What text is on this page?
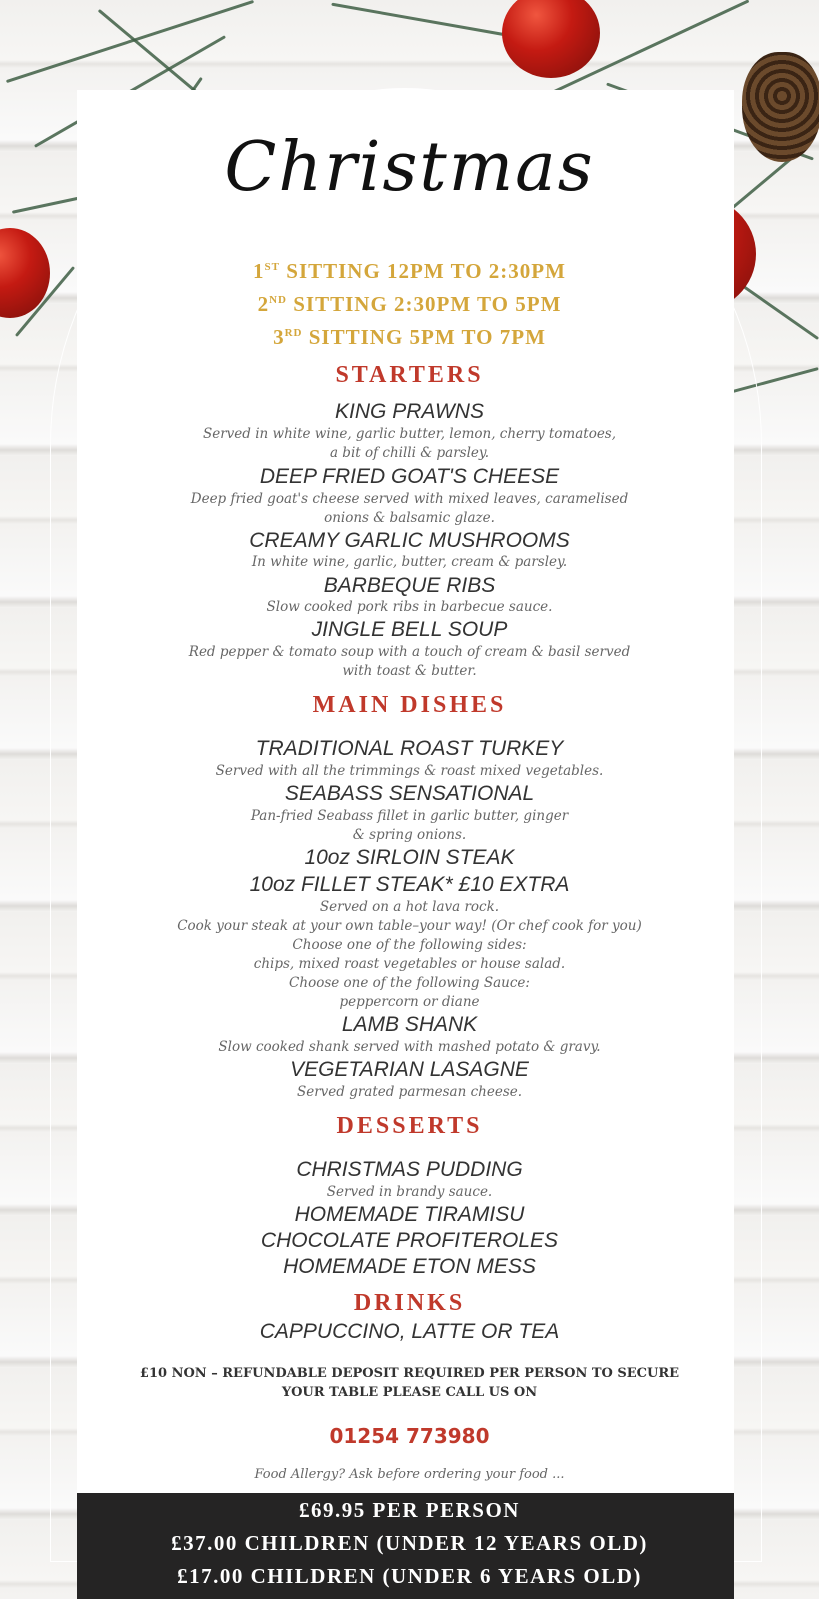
Christmas
1ST SITTING 12PM TO 2:30PM
2ND SITTING 2:30PM TO 5PM
3RD SITTING 5PM TO 7PM
STARTERS
KING PRAWNS
Served in white wine, garlic butter, lemon, cherry tomatoes,
a bit of chilli & parsley.
DEEP FRIED GOAT'S CHEESE
Deep fried goat's cheese served with mixed leaves, caramelised
onions & balsamic glaze.
CREAMY GARLIC MUSHROOMS
In white wine, garlic, butter, cream & parsley.
BARBEQUE RIBS
Slow cooked pork ribs in barbecue sauce.
JINGLE BELL SOUP
Red pepper & tomato soup with a touch of cream & basil served
with toast & butter.
MAIN DISHES
TRADITIONAL ROAST TURKEY
Served with all the trimmings & roast mixed vegetables.
SEABASS SENSATIONAL
Pan-fried Seabass fillet in garlic butter, ginger
& spring onions.
10oz SIRLOIN STEAK
10oz FILLET STEAK* £10 EXTRA
Served on a hot lava rock.
Cook your steak at your own table–your way! (Or chef cook for you)
Choose one of the following sides:
chips, mixed roast vegetables or house salad.
Choose one of the following Sauce:
peppercorn or diane
LAMB SHANK
Slow cooked shank served with mashed potato & gravy.
VEGETARIAN LASAGNE
Served grated parmesan cheese.
DESSERTS
CHRISTMAS PUDDING
Served in brandy sauce.
HOMEMADE TIRAMISU
CHOCOLATE PROFITEROLES
HOMEMADE ETON MESS
DRINKS
CAPPUCCINO, LATTE OR TEA
£10 NON – REFUNDABLE DEPOSIT REQUIRED PER PERSON TO SECURE
YOUR TABLE PLEASE CALL US ON
01254 773980
Food Allergy? Ask before ordering your food ...
£69.95 PER PERSON
£37.00 CHILDREN (UNDER 12 YEARS OLD)
£17.00 CHILDREN (UNDER 6 YEARS OLD)
